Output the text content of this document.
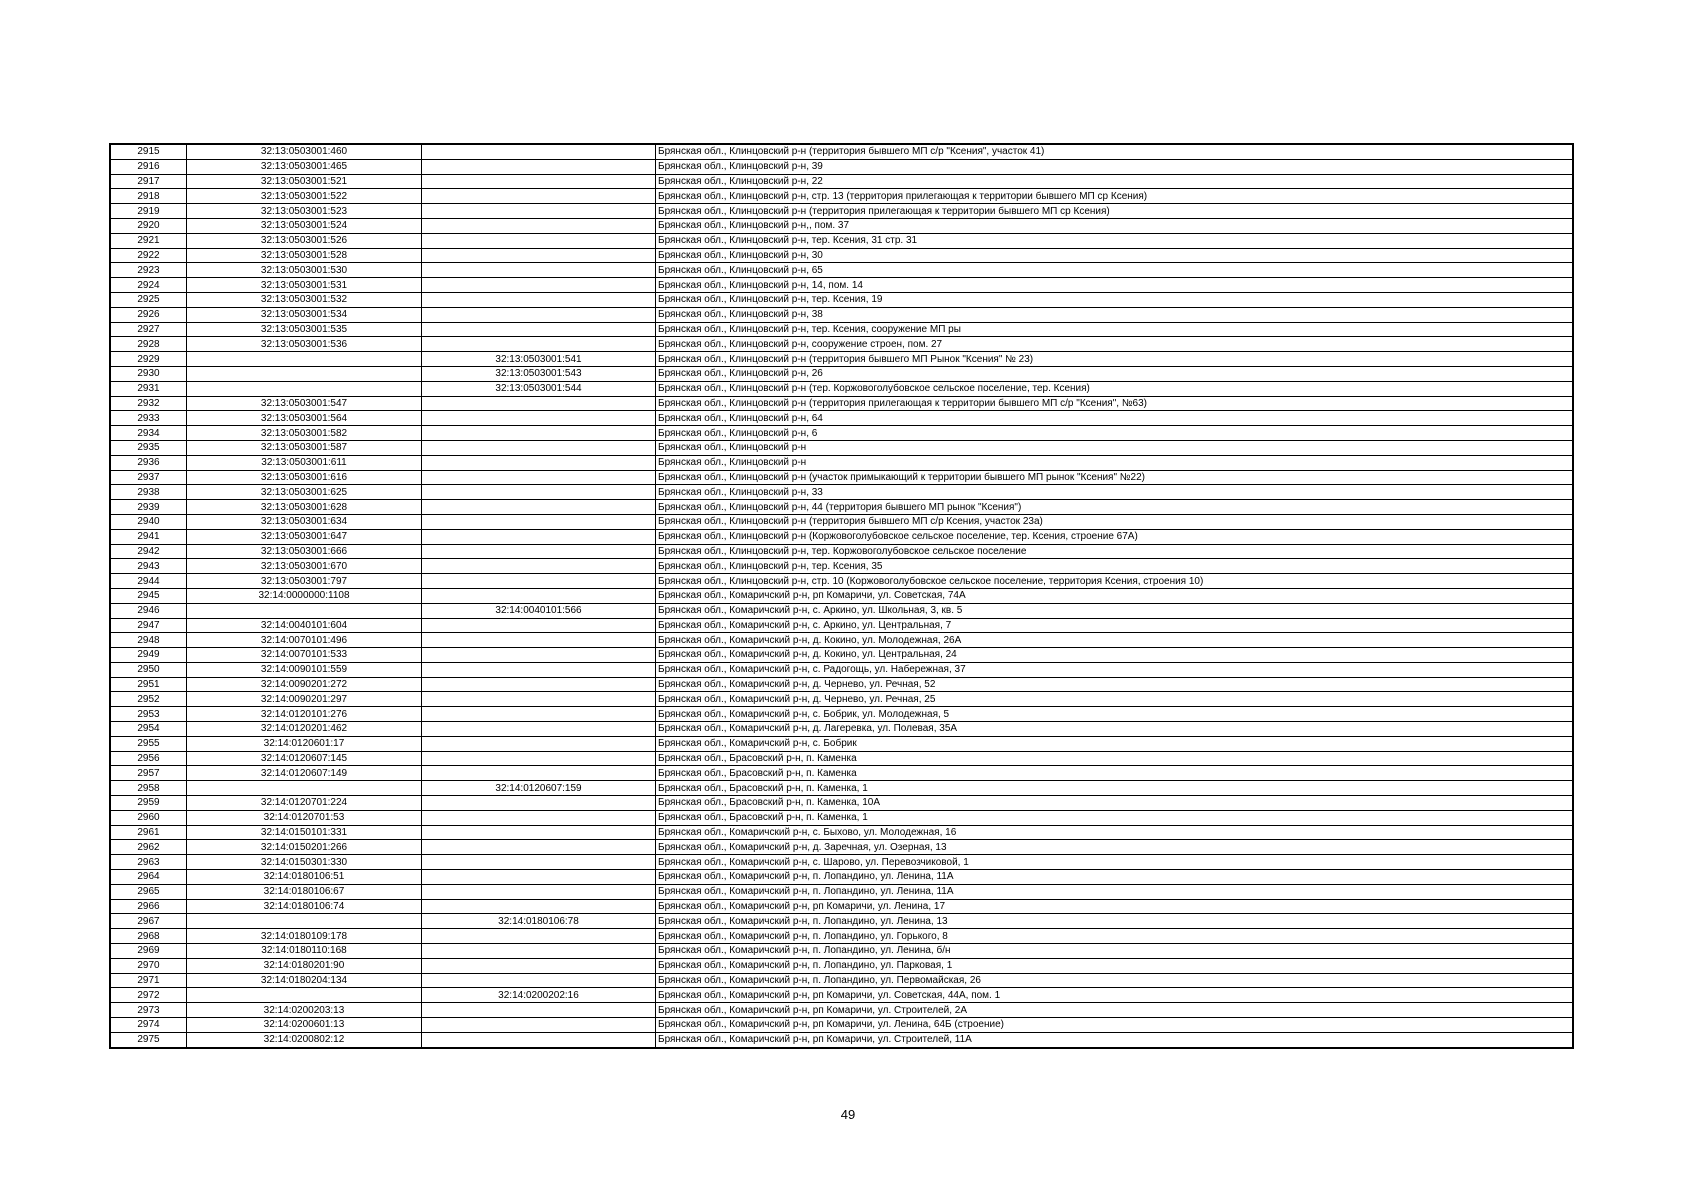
2915	32:13:0503001:460		Брянская обл., Клинцовский р-н (территория бывшего МП с/р "Ксения", участок 41)
2916	32:13:0503001:465		Брянская обл., Клинцовский р-н, 39
2917	32:13:0503001:521		Брянская обл., Клинцовский р-н, 22
2918	32:13:0503001:522		Брянская обл., Клинцовский р-н, стр. 13 (территория прилегающая к территории бывшего МП ср Ксения)
2919	32:13:0503001:523		Брянская обл., Клинцовский р-н (территория прилегающая к территории бывшего МП ср Ксения)
2920	32:13:0503001:524		Брянская обл., Клинцовский р-н,, пом. 37
2921	32:13:0503001:526		Брянская обл., Клинцовский р-н, тер. Ксения, 31 стр. 31
2922	32:13:0503001:528		Брянская обл., Клинцовский р-н, 30
2923	32:13:0503001:530		Брянская обл., Клинцовский р-н, 65
2924	32:13:0503001:531		Брянская обл., Клинцовский р-н, 14, пом. 14
2925	32:13:0503001:532		Брянская обл., Клинцовский р-н, тер. Ксения, 19
2926	32:13:0503001:534		Брянская обл., Клинцовский р-н, 38
2927	32:13:0503001:535		Брянская обл., Клинцовский р-н, тер. Ксения, сооружение МП ры
2928	32:13:0503001:536		Брянская обл., Клинцовский р-н, сооружение строен, пом. 27
2929		32:13:0503001:541	Брянская обл., Клинцовский р-н (территория бывшего МП Рынок "Ксения" № 23)
2930		32:13:0503001:543	Брянская обл., Клинцовский р-н, 26
2931		32:13:0503001:544	Брянская обл., Клинцовский р-н (тер. Коржовоголубовское сельское поселение, тер. Ксения)
2932	32:13:0503001:547		Брянская обл., Клинцовский р-н (территория прилегающая к территории бывшего МП с/р "Ксения", №63)
2933	32:13:0503001:564		Брянская обл., Клинцовский р-н, 64
2934	32:13:0503001:582		Брянская обл., Клинцовский р-н, 6
2935	32:13:0503001:587		Брянская обл., Клинцовский р-н
2936	32:13:0503001:611		Брянская обл., Клинцовский р-н
2937	32:13:0503001:616		Брянская обл., Клинцовский р-н (участок примыкающий к территории бывшего МП рынок "Ксения" №22)
2938	32:13:0503001:625		Брянская обл., Клинцовский р-н, 33
2939	32:13:0503001:628		Брянская обл., Клинцовский р-н, 44 (территория бывшего МП рынок "Ксения")
2940	32:13:0503001:634		Брянская обл., Клинцовский р-н (территория бывшего МП с/р Ксения, участок 23а)
2941	32:13:0503001:647		Брянская обл., Клинцовский р-н (Коржовоголубовское сельское поселение, тер. Ксения, строение 67А)
2942	32:13:0503001:666		Брянская обл., Клинцовский р-н, тер. Коржовоголубовское сельское поселение
2943	32:13:0503001:670		Брянская обл., Клинцовский р-н, тер. Ксения, 35
2944	32:13:0503001:797		Брянская обл., Клинцовский р-н, стр. 10 (Коржовоголубовское сельское поселение, территория Ксения, строения 10)
2945	32:14:0000000:1108		Брянская обл., Комаричский р-н, рп Комаричи, ул. Советская, 74А
2946		32:14:0040101:566	Брянская обл., Комаричский р-н, с. Аркино, ул. Школьная, 3, кв. 5
2947	32:14:0040101:604		Брянская обл., Комаричский р-н, с. Аркино, ул. Центральная, 7
2948	32:14:0070101:496		Брянская обл., Комаричский р-н, д. Кокино, ул. Молодежная, 26А
2949	32:14:0070101:533		Брянская обл., Комаричский р-н, д. Кокино, ул. Центральная, 24
2950	32:14:0090101:559		Брянская обл., Комаричский р-н, с. Радогощь, ул. Набережная, 37
2951	32:14:0090201:272		Брянская обл., Комаричский р-н, д. Чернево, ул. Речная, 52
2952	32:14:0090201:297		Брянская обл., Комаричский р-н, д. Чернево, ул. Речная, 25
2953	32:14:0120101:276		Брянская обл., Комаричский р-н, с. Бобрик, ул. Молодежная, 5
2954	32:14:0120201:462		Брянская обл., Комаричский р-н, д. Лагеревка, ул. Полевая, 35А
2955	32:14:0120601:17		Брянская обл., Комаричский р-н, с. Бобрик
2956	32:14:0120607:145		Брянская обл., Брасовский р-н, п. Каменка
2957	32:14:0120607:149		Брянская обл., Брасовский р-н, п. Каменка
2958		32:14:0120607:159	Брянская обл., Брасовский р-н, п. Каменка, 1
2959	32:14:0120701:224		Брянская обл., Брасовский р-н, п. Каменка, 10А
2960	32:14:0120701:53		Брянская обл., Брасовский р-н, п. Каменка, 1
2961	32:14:0150101:331		Брянская обл., Комаричский р-н, с. Быхово, ул. Молодежная, 16
2962	32:14:0150201:266		Брянская обл., Комаричский р-н, д. Заречная, ул. Озерная, 13
2963	32:14:0150301:330		Брянская обл., Комаричский р-н, с. Шарово, ул. Перевозчиковой, 1
2964	32:14:0180106:51		Брянская обл., Комаричский р-н, п. Лопандино, ул. Ленина, 11А
2965	32:14:0180106:67		Брянская обл., Комаричский р-н, п. Лопандино, ул. Ленина, 11А
2966	32:14:0180106:74		Брянская обл., Комаричский р-н, рп Комаричи, ул. Ленина, 17
2967		32:14:0180106:78	Брянская обл., Комаричский р-н, п. Лопандино, ул. Ленина, 13
2968	32:14:0180109:178		Брянская обл., Комаричский р-н, п. Лопандино, ул. Горького, 8
2969	32:14:0180110:168		Брянская обл., Комаричский р-н, п. Лопандино, ул. Ленина, б/н
2970	32:14:0180201:90		Брянская обл., Комаричский р-н, п. Лопандино, ул. Парковая, 1
2971	32:14:0180204:134		Брянская обл., Комаричский р-н, п. Лопандино, ул. Первомайская, 26
2972		32:14:0200202:16	Брянская обл., Комаричский р-н, рп Комаричи, ул. Советская, 44А, пом. 1
2973	32:14:0200203:13		Брянская обл., Комаричский р-н, рп Комаричи, ул. Строителей, 2А
2974	32:14:0200601:13		Брянская обл., Комаричский р-н, рп Комаричи, ул. Ленина, 64Б (строение)
2975	32:14:0200802:12		Брянская обл., Комаричский р-н, рп Комаричи, ул. Строителей, 11А
49
